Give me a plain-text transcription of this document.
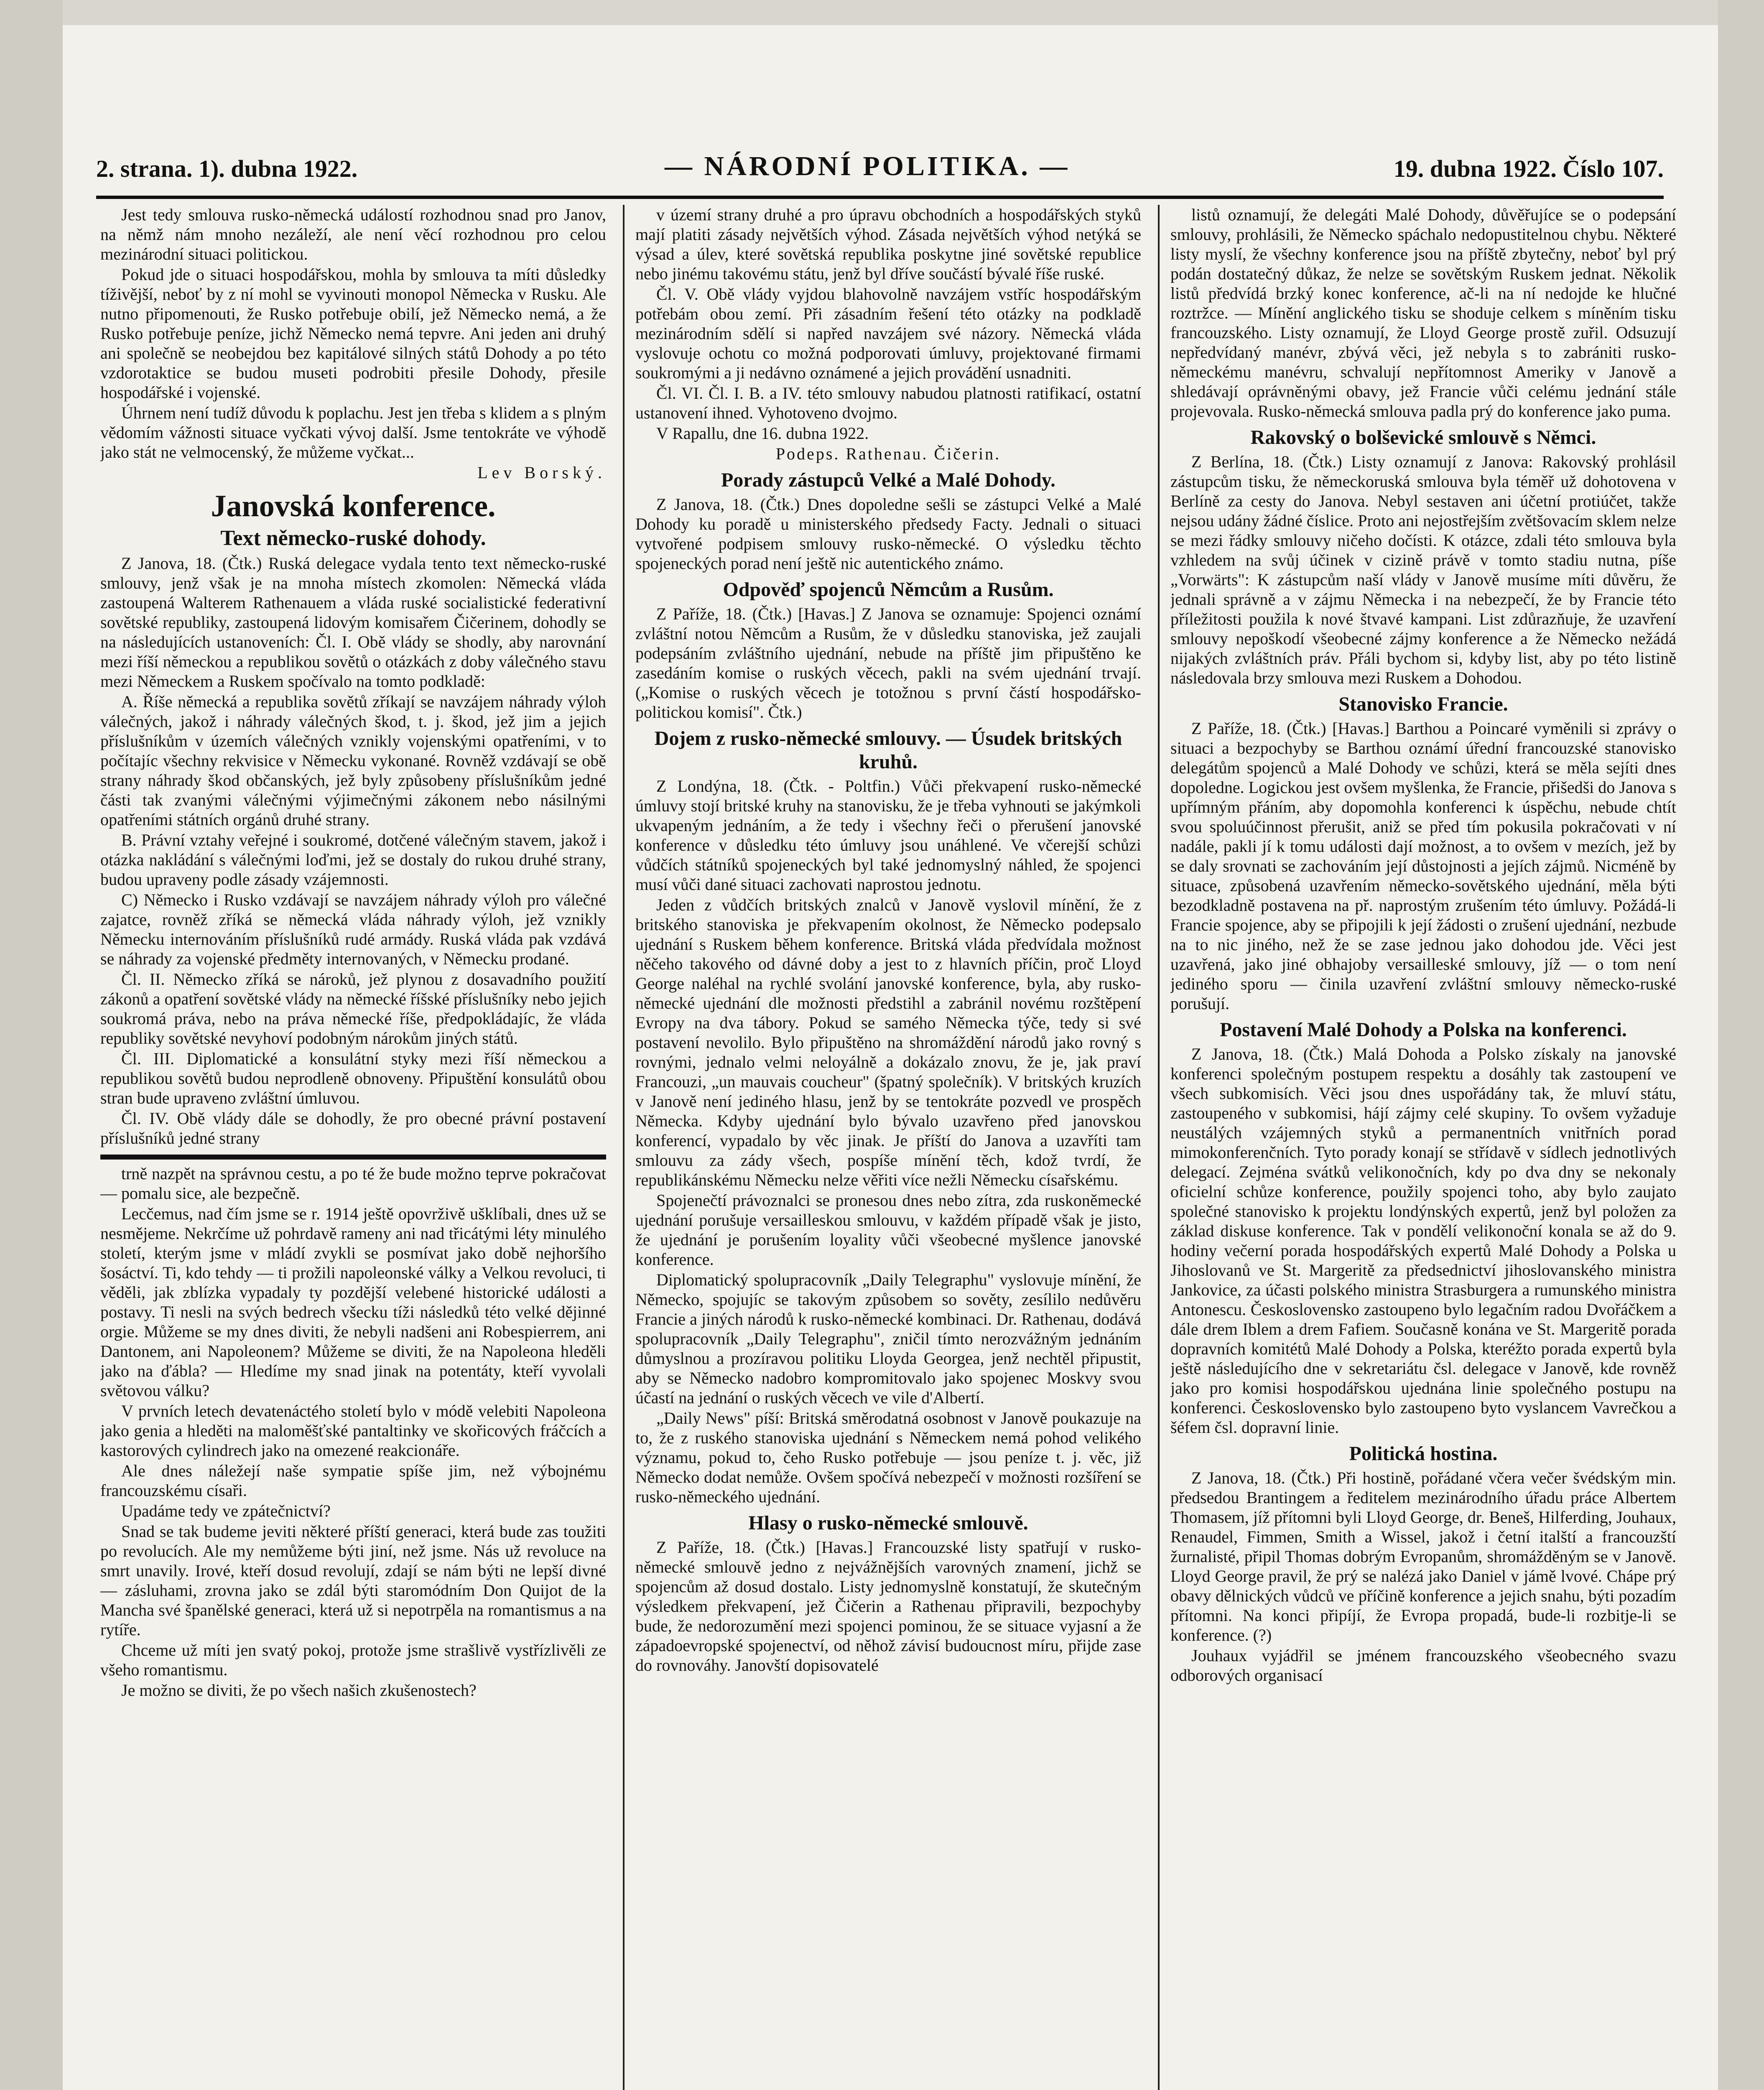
2. strana. 1). dubna 1922.	— NÁRODNÍ POLITIKA. —	19. dubna 1922. Číslo 107.

Jest tedy smlouva rusko-německá událostí rozhodnou snad pro Janov, na němž nám mnoho nezáleží, ale není věcí rozhodnou pro celou mezinárodní situaci politickou.

Pokud jde o situaci hospodářskou, mohla by smlouva ta míti důsledky tíživější, neboť by z ní mohl se vyvinouti monopol Německa v Rusku. Ale nutno připomenouti, že Rusko potřebuje obilí, jež Německo nemá, a že Rusko potřebuje peníze, jichž Německo nemá tepvre. Ani jeden ani druhý ani společně se neobejdou bez kapitálové silných států Dohody a po této vzdorotaktice se budou museti podrobiti přesile Dohody, přesile hospodářské i vojenské.

Úhrnem není tudíž důvodu k poplachu. Jest jen třeba s klidem a s plným vědomím vážnosti situace vyčkati vývoj další. Jsme tentokráte ve výhodě jako stát ne velmocenský, že můžeme vyčkat...

Lev Borský.

Janovská konference.
Text německo-ruské dohody.

Z Janova, 18. (Čtk.) Ruská delegace vydala tento text německo-ruské smlouvy, jenž však je na mnoha místech zkomolen: Německá vláda zastoupená Walterem Rathenauem a vláda ruské socialistické federativní sovětské republiky, zastoupená lidovým komisařem Čičerinem, dohodly se na následujících ustanoveních: Čl. I. Obě vlády se shodly, aby narovnání mezi říší německou a republikou sovětů o otázkách z doby válečného stavu mezi Německem a Ruskem spočívalo na tomto podkladě:

A. Říše německá a republika sovětů zříkají se navzájem náhrady výloh válečných, jakož i náhrady válečných škod, t. j. škod, jež jim a jejich příslušníkům v územích válečných vznikly vojenskými opatřeními, v to počítajíc všechny rekvisice v Německu vykonané. Rovněž vzdávají se obě strany náhrady škod občanských, jež byly způsobeny příslušníkům jedné části tak zvanými válečnými výjimečnými zákonem nebo násilnými opatřeními státních orgánů druhé strany.

B. Právní vztahy veřejné i soukromé, dotčené válečným stavem, jakož i otázka nakládání s válečnými loďmi, jež se dostaly do rukou druhé strany, budou upraveny podle zásady vzájemnosti.

C) Německo i Rusko vzdávají se navzájem náhrady výloh pro válečné zajatce, rovněž zříká se německá vláda náhrady výloh, jež vznikly Německu internováním příslušníků rudé armády. Ruská vláda pak vzdává se náhrady za vojenské předměty internovaných, v Německu prodané.

Čl. II. Německo zříká se nároků, jež plynou z dosavadního použití zákonů a opatření sovětské vlády na německé říšské příslušníky nebo jejich soukromá práva, nebo na práva německé říše, předpokládajíc, že vláda republiky sovětské nevyhoví podobným nárokům jiných států.

Čl. III. Diplomatické a konsulátní styky mezi říší německou a republikou sovětů budou neprodleně obnoveny. Připuštění konsulátů obou stran bude upraveno zvláštní úmluvou.

Čl. IV. Obě vlády dále se dohodly, že pro obecné právní postavení příslušníků jedné strany

trně nazpět na správnou cestu, a po té že bude možno teprve pokračovat — pomalu sice, ale bezpečně.

Lecčemus, nad čím jsme se r. 1914 ještě opovrživě ušklíbali, dnes už se nesmějeme. Nekrčíme už pohrdavě rameny ani nad třicátými léty minulého století, kterým jsme v mládí zvykli se posmívat jako době nejhoršího šosáctví. Ti, kdo tehdy — ti prožili napoleonské války a Velkou revoluci, ti věděli, jak zblízka vypadaly ty pozdější velebené historické události a postavy. Ti nesli na svých bedrech všecku tíži následků této velké dějinné orgie. Můžeme se my dnes diviti, že nebyli nadšeni ani Robespierrem, ani Dantonem, ani Napoleonem? Můžeme se diviti, že na Napoleona hleděli jako na ďábla? — Hledíme my snad jinak na potentáty, kteří vyvolali světovou válku?

V prvních letech devatenáctého století bylo v módě velebiti Napoleona jako genia a hleděti na maloměšťské pantaltinky ve skořicových fráčcích a kastorových cylindrech jako na omezené reakcionáře.

Ale dnes náležejí naše sympatie spíše jim, než výbojnému francouzskému císaři.

Upadáme tedy ve zpátečnictví?

Snad se tak budeme jeviti některé příští generaci, která bude zas toužiti po revolucích. Ale my nemůžeme býti jiní, než jsme. Nás už revoluce na smrt unavily. Irové, kteří dosud revolují, zdají se nám býti ne lepší divné — zásluhami, zrovna jako se zdál býti staromódním Don Quijot de la Mancha své španělské generaci, která už si nepotrpěla na romantismus a na rytíře.

Chceme už míti jen svatý pokoj, protože jsme strašlivě vystřízlivěli ze všeho romantismu.

Je možno se diviti, že po všech našich zkušenostech?

v území strany druhé a pro úpravu obchodních a hospodářských styků mají platiti zásady největších výhod. Zásada největších výhod netýká se výsad a úlev, které sovětská republika poskytne jiné sovětské republice nebo jinému takovému státu, jenž byl dříve součástí bývalé říše ruské.

Čl. V. Obě vlády vyjdou blahovolně navzájem vstříc hospodářským potřebám obou zemí. Při zásadním řešení této otázky na podkladě mezinárodním sdělí si napřed navzájem své názory. Německá vláda vyslovuje ochotu co možná podporovati úmluvy, projektované firmami soukromými a ji nedávno oznámené a jejich provádění usnadniti.

Čl. VI. Čl. I. B. a IV. této smlouvy nabudou platnosti ratifikací, ostatní ustanovení ihned. Vyhotoveno dvojmo.

V Rapallu, dne 16. dubna 1922.

Podeps. Rathenau. Čičerin.

Porady zástupců Velké a Malé Dohody.

Z Janova, 18. (Čtk.) Dnes dopoledne sešli se zástupci Velké a Malé Dohody ku poradě u ministerského předsedy Facty. Jednali o situaci vytvořené podpisem smlouvy rusko-německé. O výsledku těchto spojeneckých porad není ještě nic autentického známo.

Odpověď spojenců Němcům a Rusům.

Z Paříže, 18. (Čtk.) [Havas.] Z Janova se oznamuje: Spojenci oznámí zvláštní notou Němcům a Rusům, že v důsledku stanoviska, jež zaujali podepsáním zvláštního ujednání, nebude na příště jim připuštěno ke zasedáním komise o ruských věcech, pakli na svém ujednání trvají. („Komise o ruských věcech je totožnou s první částí hospodářsko-politickou komisí". Čtk.)

Dojem z rusko-německé smlouvy. — Úsudek britských kruhů.

Z Londýna, 18. (Čtk. - Poltfin.) Vůči překvapení rusko-německé úmluvy stojí britské kruhy na stanovisku, že je třeba vyhnouti se jakýmkoli ukvapeným jednáním, a že tedy i všechny řeči o přerušení janovské konference v důsledku této úmluvy jsou unáhlené. Ve včerejší schůzi vůdčích státníků spojeneckých byl také jednomyslný náhled, že spojenci musí vůči dané situaci zachovati naprostou jednotu.

Jeden z vůdčích britských znalců v Janově vyslovil mínění, že z britského stanoviska je překvapením okolnost, že Německo podepsalo ujednání s Ruskem během konference. Britská vláda předvídala možnost něčeho takového od dávné doby a jest to z hlavních příčin, proč Lloyd George naléhal na rychlé svolání janovské konference, byla, aby rusko-německé ujednání dle možnosti předstihl a zabránil novému rozštěpení Evropy na dva tábory. Pokud se samého Německa týče, tedy si své postavení nevolilo. Bylo připuštěno na shromáždění národů jako rovný s rovnými, jednalo velmi neloyálně a dokázalo znovu, že je, jak praví Francouzi, „un mauvais coucheur" (špatný společník). V britských kruzích v Janově není jediného hlasu, jenž by se tentokráte pozvedl ve prospěch Německa. Kdyby ujednání bylo bývalo uzavřeno před janovskou konferencí, vypadalo by věc jinak. Je příští do Janova a uzavříti tam smlouvu za zády všech, pospíše mínění těch, kdož tvrdí, že republikánskému Německu nelze věřiti více nežli Německu císařskému.

Spojenečtí právoznalci se pronesou dnes nebo zítra, zda ruskoněmecké ujednání porušuje versailleskou smlouvu, v každém případě však je jisto, že ujednání je porušením loyality vůči všeobecné myšlence janovské konference.

Diplomatický spolupracovník „Daily Telegraphu" vyslovuje mínění, že Německo, spojujíc se takovým způsobem so sověty, zesílilo nedůvěru Francie a jiných národů k rusko-německé kombinaci. Dr. Rathenau, dodává spolupracovník „Daily Telegraphu", zničil tímto nerozvážným jednáním důmyslnou a prozíravou politiku Lloyda Georgea, jenž nechtěl připustit, aby se Německo nadobro kompromitovalo jako spojenec Moskvy svou účastí na jednání o ruských věcech ve vile d'Albertí.

„Daily News" píší: Britská směrodatná osobnost v Janově poukazuje na to, že z ruského stanoviska ujednání s Německem nemá pohod velikého významu, pokud to, čeho Rusko potřebuje — jsou peníze t. j. věc, již Německo dodat nemůže. Ovšem spočívá nebezpečí v možnosti rozšíření se rusko-německého ujednání.

Hlasy o rusko-německé smlouvě.

Z Paříže, 18. (Čtk.) [Havas.] Francouzské listy spatřují v rusko-německé smlouvě jedno z nejvážnějších varovných znamení, jichž se spojencům až dosud dostalo. Listy jednomyslně konstatují, že skutečným výsledkem překvapení, jež Čičerin a Rathenau připravili, bezpochyby bude, že nedorozumění mezi spojenci pominou, že se situace vyjasní a že západoevropské spojenectví, od něhož závisí budoucnost míru, přijde zase do rovnováhy. Janovští dopisovatelé

listů oznamují, že delegáti Malé Dohody, důvěřujíce se o podepsání smlouvy, prohlásili, že Německo spáchalo nedopustitelnou chybu. Některé listy myslí, že všechny konference jsou na příště zbytečny, neboť byl prý podán dostatečný důkaz, že nelze se sovětským Ruskem jednat. Několik listů předvídá brzký konec konference, ač-li na ní nedojde ke hlučné roztržce. — Mínění anglického tisku se shoduje celkem s míněním tisku francouzského. Listy oznamují, že Lloyd George prostě zuřil. Odsuzují nepředvídaný manévr, zbývá věci, jež nebyla s to zabrániti rusko-německému manévru, schvalují nepřítomnost Ameriky v Janově a shledávají oprávněnými obavy, jež Francie vůči celému jednání stále projevovala. Rusko-německá smlouva padla prý do konference jako puma.

Rakovský o bolševické smlouvě s Němci.

Z Berlína, 18. (Čtk.) Listy oznamují z Janova: Rakovský prohlásil zástupcům tisku, že německoruská smlouva byla téměř už dohotovena v Berlíně za cesty do Janova. Nebyl sestaven ani účetní protiúčet, takže nejsou udány žádné číslice. Proto ani nejostřejším zvětšovacím sklem nelze se mezi řádky smlouvy ničeho dočísti. K otázce, zdali této smlouva byla vzhledem na svůj účinek v cizině právě v tomto stadiu nutna, píše „Vorwärts": K zástupcům naší vlády v Janově musíme míti důvěru, že jednali správně a v zájmu Německa i na nebezpečí, že by Francie této příležitosti použila k nové štvavé kampani. List zdůrazňuje, že uzavření smlouvy nepoškodí všeobecné zájmy konference a že Německo nežádá nijakých zvláštních práv. Přáli bychom si, kdyby list, aby po této listině následovala brzy smlouva mezi Ruskem a Dohodou.

Stanovisko Francie.

Z Paříže, 18. (Čtk.) [Havas.] Barthou a Poincaré vyměnili si zprávy o situaci a bezpochyby se Barthou oznámí úřední francouzské stanovisko delegátům spojenců a Malé Dohody ve schůzi, která se měla sejíti dnes dopoledne. Logickou jest ovšem myšlenka, že Francie, přišedši do Janova s upřímným přáním, aby dopomohla konferenci k úspěchu, nebude chtít svou spoluúčinnost přerušit, aniž se před tím pokusila pokračovati v ní nadále, pakli jí k tomu události dají možnost, a to ovšem v mezích, jež by se daly srovnati se zachováním její důstojnosti a jejích zájmů. Nicméně by situace, způsobená uzavřením německo-sovětského ujednání, měla býti bezodkladně postavena na př. naprostým zrušením této úmluvy. Požádá-li Francie spojence, aby se připojili k její žádosti o zrušení ujednání, nezbude na to nic jiného, než že se zase jednou jako dohodou jde. Věci jest uzavřená, jako jiné obhajoby versailleské smlouvy, jíž — o tom není jediného sporu — činila uzavření zvláštní smlouvy německo-ruské porušují.

Postavení Malé Dohody a Polska na konferenci.

Z Janova, 18. (Čtk.) Malá Dohoda a Polsko získaly na janovské konferenci společným postupem respektu a dosáhly tak zastoupení ve všech subkomisích. Věci jsou dnes uspořádány tak, že mluví státu, zastoupeného v subkomisi, hájí zájmy celé skupiny. To ovšem vyžaduje neustálých vzájemných styků a permanentních vnitřních porad mimokonferenčních. Tyto porady konají se střídavě v sídlech jednotlivých delegací. Zejména svátků velikonočních, kdy po dva dny se nekonaly oficielní schůze konference, použily spojenci toho, aby bylo zaujato společné stanovisko k projektu londýnských expertů, jenž byl položen za základ diskuse konference. Tak v pondělí velikonoční konala se až do 9. hodiny večerní porada hospodářských expertů Malé Dohody a Polska u Jihoslovanů ve St. Margeritě za předsednictví jihoslovanského ministra Jankovice, za účasti polského ministra Strasburgera a rumunského ministra Antonescu. Československo zastoupeno bylo legačním radou Dvořáčkem a dále drem Iblem a drem Fafiem. Současně konána ve St. Margeritě porada dopravních komitétů Malé Dohody a Polska, kteréžto porada expertů byla ještě následujícího dne v sekretariátu čsl. delegace v Janově, kde rovněž jako pro komisi hospodářskou ujednána linie společného postupu na konferenci. Československo bylo zastoupeno byto vyslancem Vavrečkou a šéfem čsl. dopravní linie.

Politická hostina.

Z Janova, 18. (Čtk.) Při hostině, pořádané včera večer švédským min. předsedou Brantingem a ředitelem mezinárodního úřadu práce Albertem Thomasem, jíž přítomni byli Lloyd George, dr. Beneš, Hilferding, Jouhaux, Renaudel, Fimmen, Smith a Wissel, jakož i četní italští a francouzští žurnalisté, připil Thomas dobrým Evropanům, shromážděným se v Janově. Lloyd George pravil, že prý se nalézá jako Daniel v jámě lvové. Chápe prý obavy dělnických vůdců ve příčině konference a jejich snahu, býti pozadím přítomni. Na konci připíjí, že Evropa propadá, bude-li rozbitje-li se konference. (?)

Jouhaux vyjádřil se jménem francouzského všeobecného svazu odborových organisací
